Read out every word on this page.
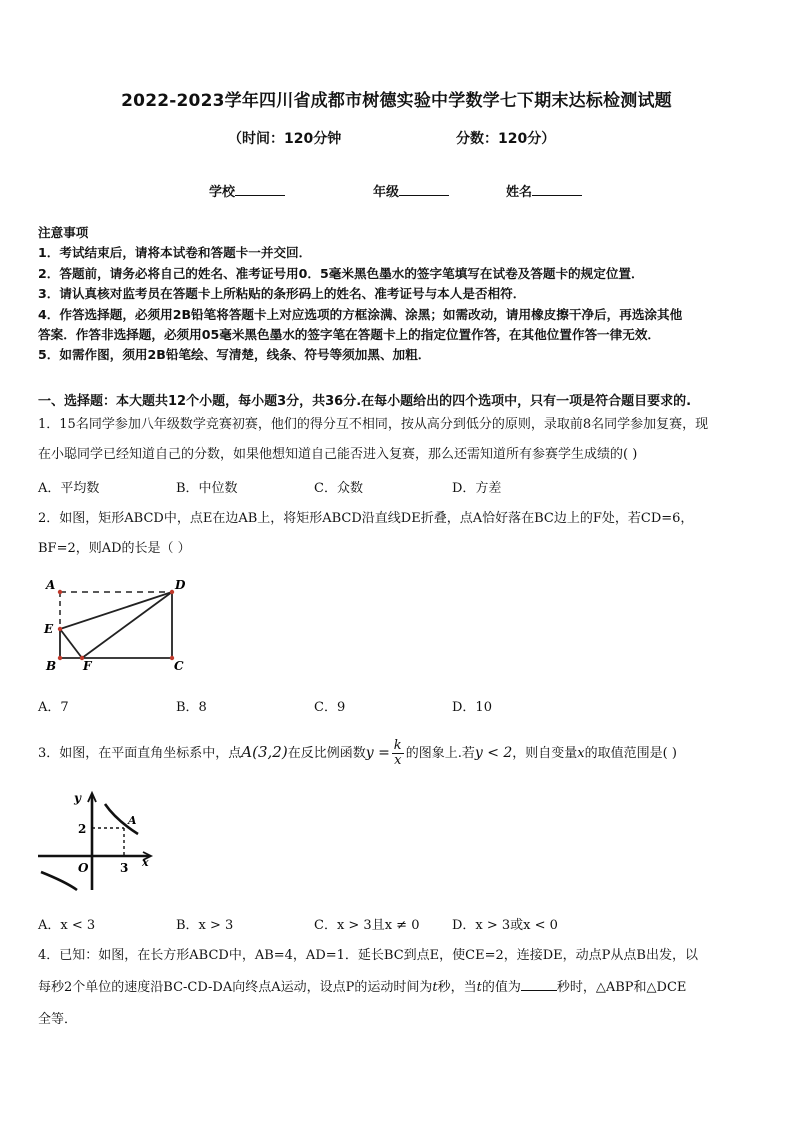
2022-2023学年四川省成都市树德实验中学数学七下期末达标检测试题
（时间：120分钟	分数：120分）
学校	年级	姓名

注意事项

1．考试结束后，请将本试卷和答题卡一并交回．

2．答题前，请务必将自己的姓名、准考证号用0．5毫米黑色墨水的签字笔填写在试卷及答题卡的规定位置．

3．请认真核对监考员在答题卡上所粘贴的条形码上的姓名、准考证号与本人是否相符．

4．作答选择题，必须用2B铅笔将答题卡上对应选项的方框涂满、涂黑；如需改动，请用橡皮擦干净后，再选涂其他

答案．作答非选择题，必须用05毫米黑色墨水的签字笔在答题卡上的指定位置作答，在其他位置作答一律无效．

5．如需作图，须用2B铅笔绘、写清楚，线条、符号等须加黑、加粗．

一、选择题：本大题共12个小题，每小题3分，共36分.在每小题给出的四个选项中，只有一项是符合题目要求的.

1．15名同学参加八年级数学竞赛初赛，他们的得分互不相同，按从高分到低分的原则，录取前8名同学参加复赛，现

在小聪同学已经知道自己的分数，如果他想知道自己能否进入复赛，那么还需知道所有参赛学生成绩的( )

A．平均数	B．中位数	C．众数	D．方差

2．如图，矩形ABCD中，点E在边AB上，将矩形ABCD沿直线DE折叠，点A恰好落在BC边上的F处，若CD=6，

BF=2，则AD的长是（ ）

A	D
E
B F	C
A．7	B．8	C．9	D．10
3．如图，在平面直角坐标系中，点A(3,2)在反比例函数$y = \frac{k}{x}$ 的图象上.若y < 2，则自变量x的取值范围是( )
y
x
O
2
3
A
A．x < 3	B．x > 3	C．x > 3且x ≠ 0	D．x > 3或x < 0

4．已知：如图，在长方形ABCD中，AB=4，AD=1．延长BC到点E，使CE=2，连接DE，动点P从点B出发，以

每秒2个单位的速度沿BC-CD-DA向终点A运动，设点P的运动时间为t秒，当t的值为	秒时，△ABP和△DCE

全等．
